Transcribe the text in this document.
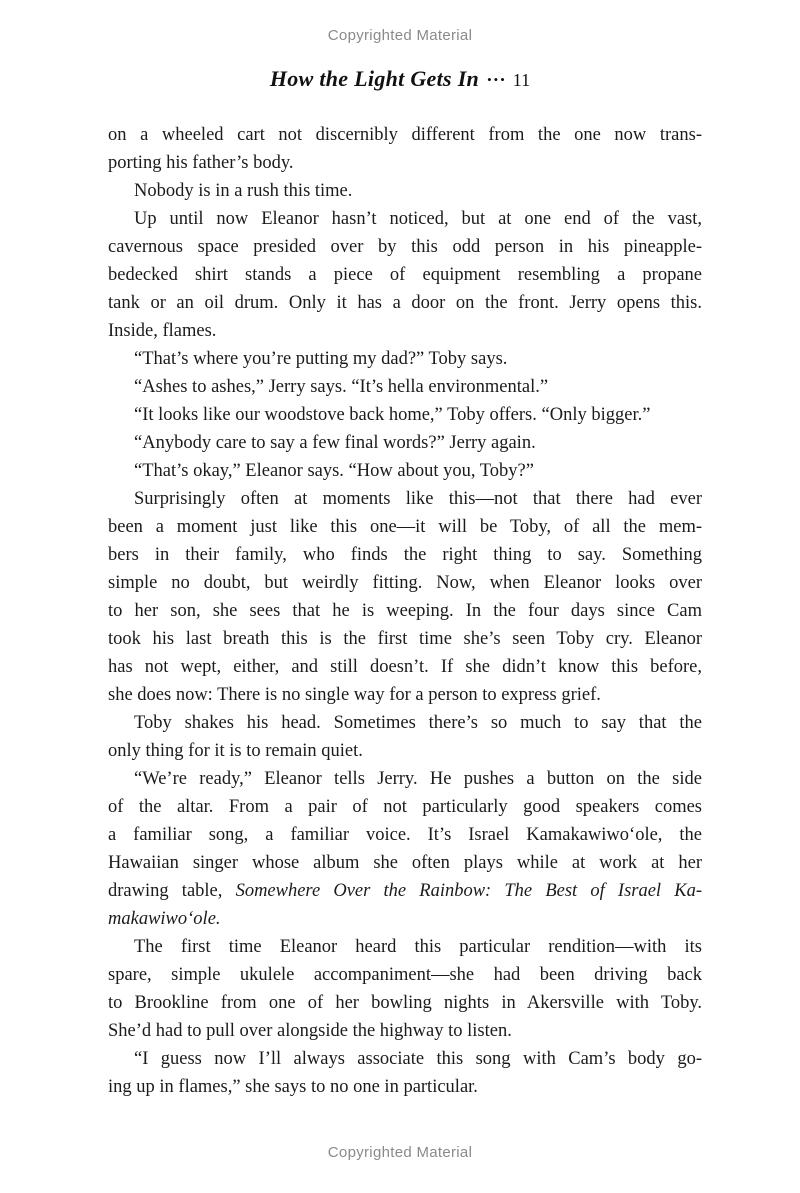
Copyrighted Material
How the Light Gets In ••• 11
on a wheeled cart not discernibly different from the one now trans-
porting his father’s body.
Nobody is in a rush this time.
Up until now Eleanor hasn’t noticed, but at one end of the vast,
cavernous space presided over by this odd person in his pineapple-
bedecked shirt stands a piece of equipment resembling a propane
tank or an oil drum. Only it has a door on the front. Jerry opens this.
Inside, flames.
“That’s where you’re putting my dad?” Toby says.
“Ashes to ashes,” Jerry says. “It’s hella environmental.”
“It looks like our woodstove back home,” Toby offers. “Only bigger.”
“Anybody care to say a few final words?” Jerry again.
“That’s okay,” Eleanor says. “How about you, Toby?”
Surprisingly often at moments like this—not that there had ever
been a moment just like this one—it will be Toby, of all the mem-
bers in their family, who finds the right thing to say. Something
simple no doubt, but weirdly fitting. Now, when Eleanor looks over
to her son, she sees that he is weeping. In the four days since Cam
took his last breath this is the first time she’s seen Toby cry. Eleanor
has not wept, either, and still doesn’t. If she didn’t know this before,
she does now: There is no single way for a person to express grief.
Toby shakes his head. Sometimes there’s so much to say that the
only thing for it is to remain quiet.
“We’re ready,” Eleanor tells Jerry. He pushes a button on the side
of the altar. From a pair of not particularly good speakers comes
a familiar song, a familiar voice. It’s Israel Kamakawiwo‘ole, the
Hawaiian singer whose album she often plays while at work at her
drawing table, Somewhere Over the Rainbow: The Best of Israel Ka-
makawiwo‘ole.
The first time Eleanor heard this particular rendition—with its
spare, simple ukulele accompaniment—she had been driving back
to Brookline from one of her bowling nights in Akersville with Toby.
She’d had to pull over alongside the highway to listen.
“I guess now I’ll always associate this song with Cam’s body go-
ing up in flames,” she says to no one in particular.
Copyrighted Material
